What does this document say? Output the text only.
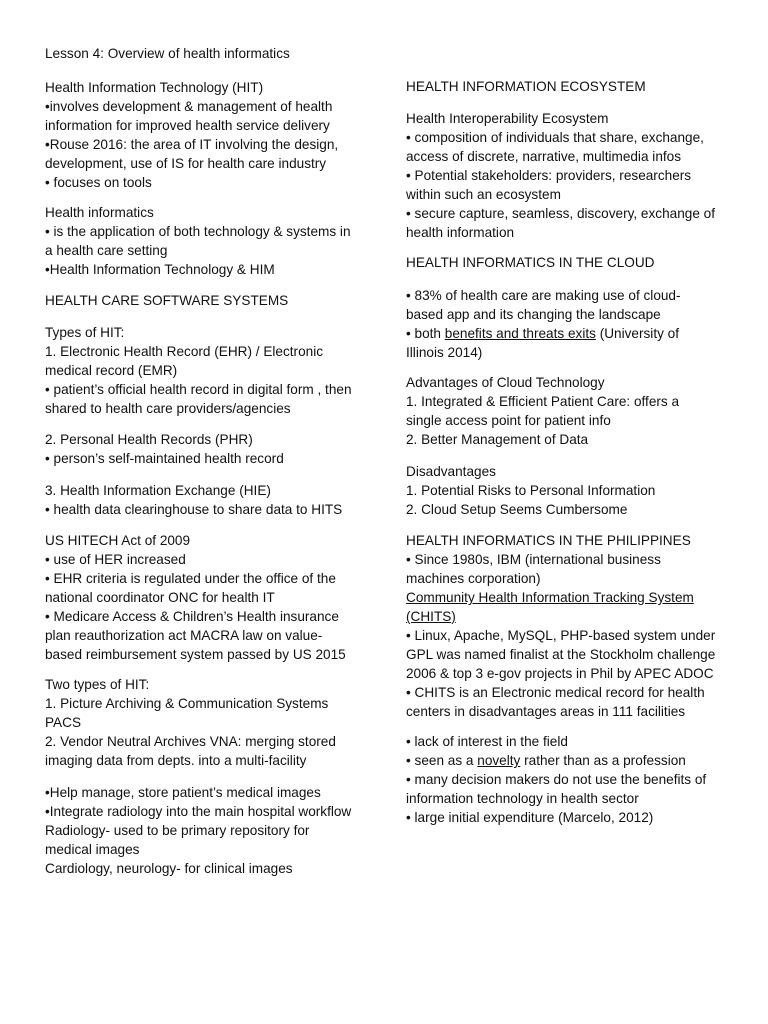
Lesson 4: Overview of health informatics
Health Information Technology (HIT)
•involves development & management of health
information for improved health service delivery
•Rouse 2016: the area of IT involving the design,
development, use of IS for health care industry
• focuses on tools
Health informatics
• is the application of both technology & systems in
a health care setting
•Health Information Technology & HIM
HEALTH CARE SOFTWARE SYSTEMS
Types of HIT:
1. Electronic Health Record (EHR) / Electronic
medical record (EMR)
• patient’s official health record in digital form , then
shared to health care providers/agencies
2. Personal Health Records (PHR)
• person’s self-maintained health record
3. Health Information Exchange (HIE)
• health data clearinghouse to share data to HITS
US HITECH Act of 2009
• use of HER increased
• EHR criteria is regulated under the office of the
national coordinator ONC for health IT
• Medicare Access & Children’s Health insurance
plan reauthorization act MACRA law on value-
based reimbursement system passed by US 2015
Two types of HIT:
1. Picture Archiving & Communication Systems
PACS
2. Vendor Neutral Archives VNA: merging stored
imaging data from depts. into a multi-facility
•Help manage, store patient’s medical images
•Integrate radiology into the main hospital workflow
Radiology- used to be primary repository for
medical images
Cardiology, neurology- for clinical images
HEALTH INFORMATION ECOSYSTEM
Health Interoperability Ecosystem
• composition of individuals that share, exchange,
access of discrete, narrative, multimedia infos
• Potential stakeholders: providers, researchers
within such an ecosystem
• secure capture, seamless, discovery, exchange of
health information
HEALTH INFORMATICS IN THE CLOUD
• 83% of health care are making use of cloud-
based app and its changing the landscape
• both benefits and threats exits (University of
Illinois 2014)
Advantages of Cloud Technology
1. Integrated & Efficient Patient Care: offers a
single access point for patient info
2. Better Management of Data
Disadvantages
1. Potential Risks to Personal Information
2. Cloud Setup Seems Cumbersome
HEALTH INFORMATICS IN THE PHILIPPINES
• Since 1980s, IBM (international business
machines corporation)
Community Health Information Tracking System
(CHITS)
• Linux, Apache, MySQL, PHP-based system under
GPL was named finalist at the Stockholm challenge
2006 & top 3 e-gov projects in Phil by APEC ADOC
• CHITS is an Electronic medical record for health
centers in disadvantages areas in 111 facilities
• lack of interest in the field
• seen as a novelty rather than as a profession
• many decision makers do not use the benefits of
information technology in health sector
• large initial expenditure (Marcelo, 2012)
